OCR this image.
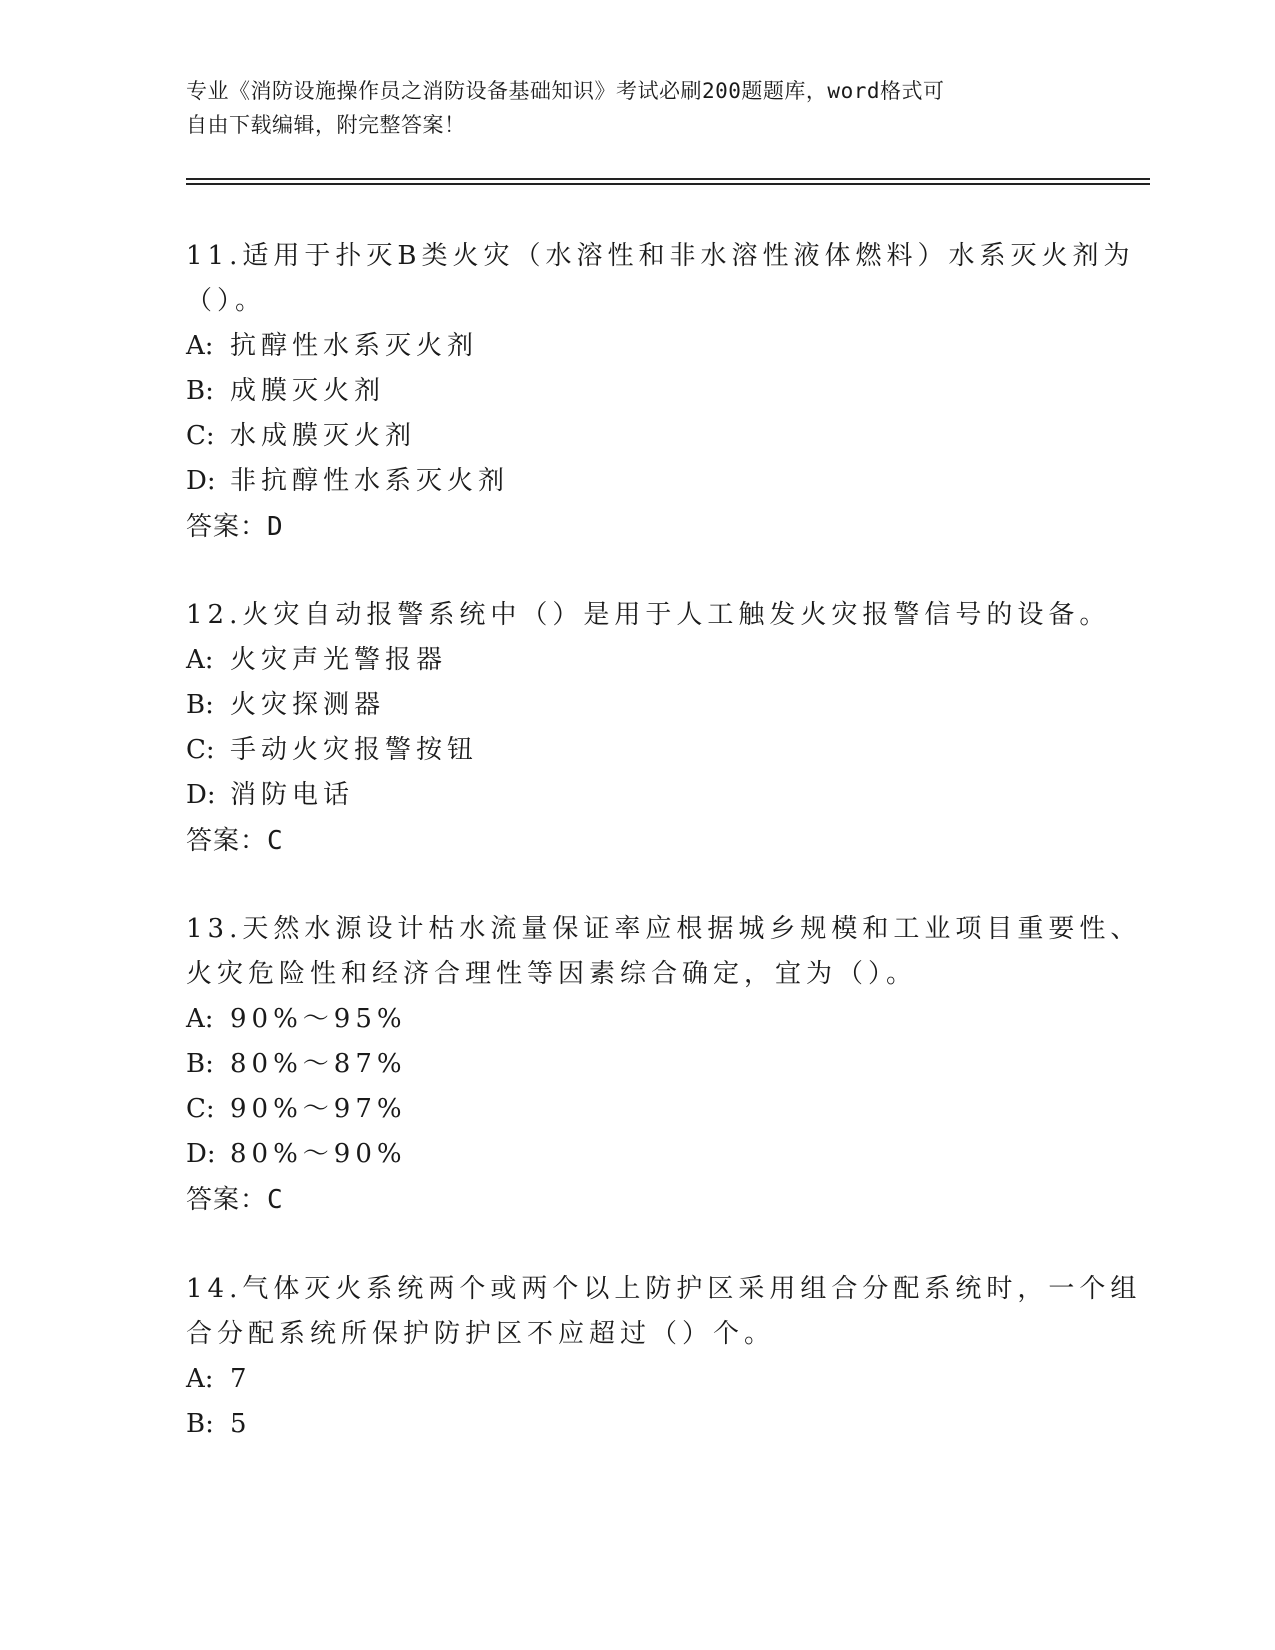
专业《消防设施操作员之消防设备基础知识》考试必刷200题题库，word格式可
自由下载编辑，附完整答案！
11.适用于扑灭B类火灾（水溶性和非水溶性液体燃料）水系灭火剂为
（）。
A: 抗醇性水系灭火剂
B: 成膜灭火剂
C: 水成膜灭火剂
D: 非抗醇性水系灭火剂
答案：D
12.火灾自动报警系统中（）是用于人工触发火灾报警信号的设备。
A: 火灾声光警报器
B: 火灾探测器
C: 手动火灾报警按钮
D: 消防电话
答案：C
13.天然水源设计枯水流量保证率应根据城乡规模和工业项目重要性、
火灾危险性和经济合理性等因素综合确定，宜为（）。
A: 90%～95%
B: 80%～87%
C: 90%～97%
D: 80%～90%
答案：C
14.气体灭火系统两个或两个以上防护区采用组合分配系统时，一个组
合分配系统所保护防护区不应超过（）个。
A: 7
B: 5
